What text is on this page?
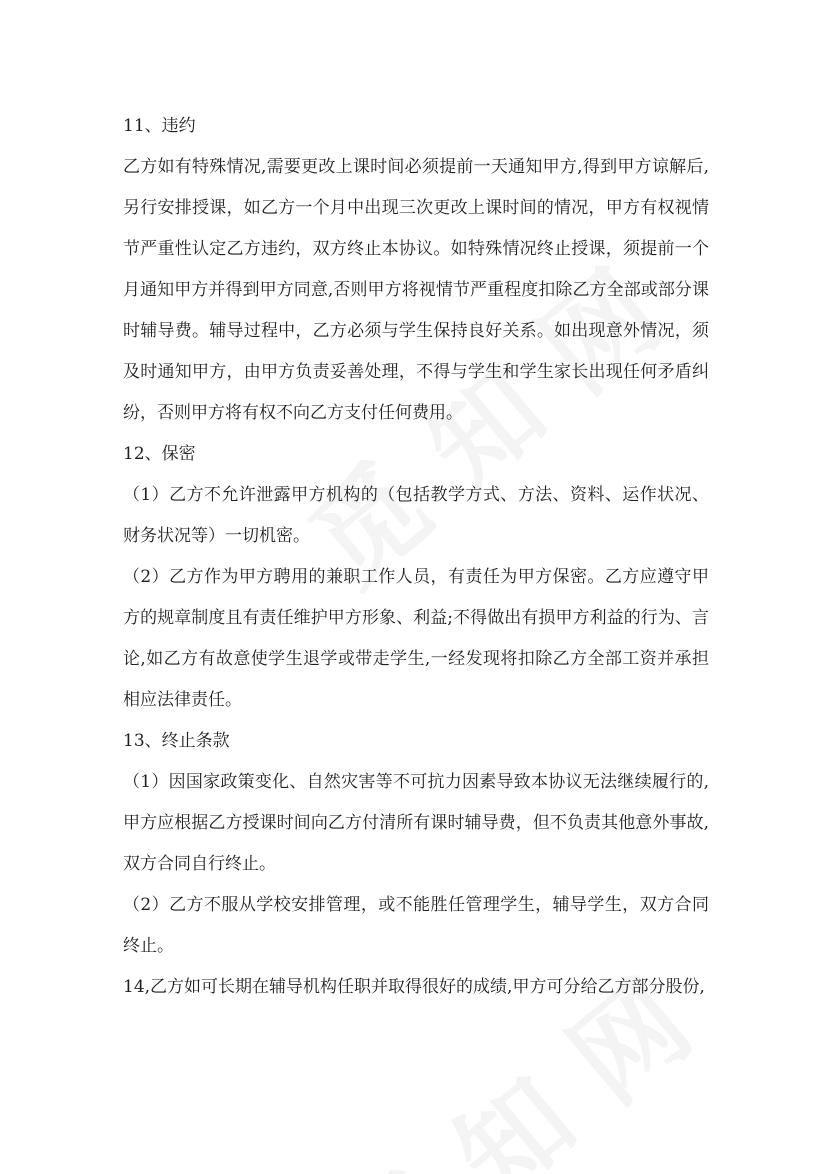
11、违约

乙方如有特殊情况,需要更改上课时间必须提前一天通知甲方,得到甲方谅解后,另行安排授课，如乙方一个月中出现三次更改上课时间的情况，甲方有权视情节严重性认定乙方违约，双方终止本协议。如特殊情况终止授课，须提前一个月通知甲方并得到甲方同意,否则甲方将视情节严重程度扣除乙方全部或部分课时辅导费。辅导过程中，乙方必须与学生保持良好关系。如出现意外情况，须及时通知甲方，由甲方负责妥善处理，不得与学生和学生家长出现任何矛盾纠纷，否则甲方将有权不向乙方支付任何费用。

12、保密

（1）乙方不允许泄露甲方机构的（包括教学方式、方法、资料、运作状况、财务状况等）一切机密。

（2）乙方作为甲方聘用的兼职工作人员，有责任为甲方保密。乙方应遵守甲方的规章制度且有责任维护甲方形象、利益;不得做出有损甲方利益的行为、言论,如乙方有故意使学生退学或带走学生,一经发现将扣除乙方全部工资并承担相应法律责任。

13、终止条款

（1）因国家政策变化、自然灾害等不可抗力因素导致本协议无法继续履行的,甲方应根据乙方授课时间向乙方付清所有课时辅导费，但不负责其他意外事故,双方合同自行终止。

（2）乙方不服从学校安排管理，或不能胜任管理学生，辅导学生，双方合同终止。

14,乙方如可长期在辅导机构任职并取得很好的成绩,甲方可分给乙方部分股份,
